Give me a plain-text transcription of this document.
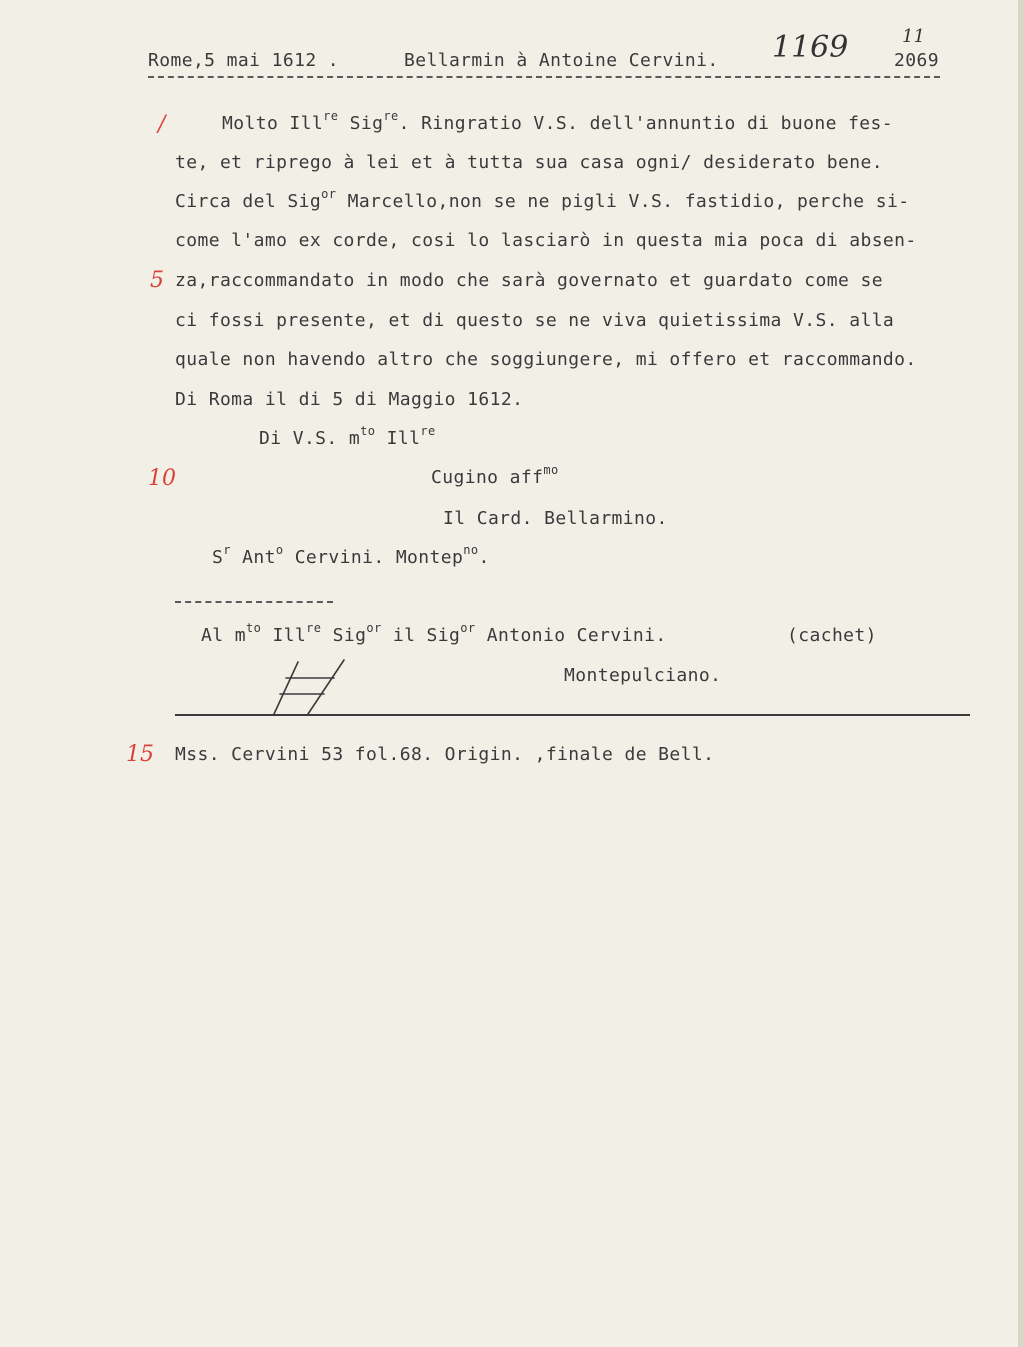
Rome,5 mai 1612 .	Bellarmin à Antoine Cervini. 1169	11
2069
/
5
10
15
Molto Ill$^{re}$ Sig$^{re}$. Ringratio V.S. dell'annuntio di buone fes-
te, et riprego à lei et à tutta sua casa ogni/ desiderato bene.
Circa del Sig$^{or}$ Marcello,non se ne pigli V.S. fastidio, perche si-
come l'amo ex corde, cosi lo lasciarò in questa mia poca di absen-
za,raccommandato in modo che sarà governato et guardato come se
ci fossi presente, et di questo se ne viva quietissima V.S. alla
quale non havendo altro che soggiungere, mi offero et raccommando.
Di Roma il di 5 di Maggio 1612.
Di V.S. $m^{to}$ Ill$^{re}$
Cugino aff$^{mo}$
Il Card. Bellarmino.
$S^r$ Ant$^o$ Cervini. Montep$^{no}$.
Al $m^{to}$ Ill$^{re}$ Sig$^{or}$ il Sig$^{or}$ Antonio Cervini.	(cachet)
Montepulciano.
Mss. Cervini 53 fol.68. Origin. ,finale de Bell.
